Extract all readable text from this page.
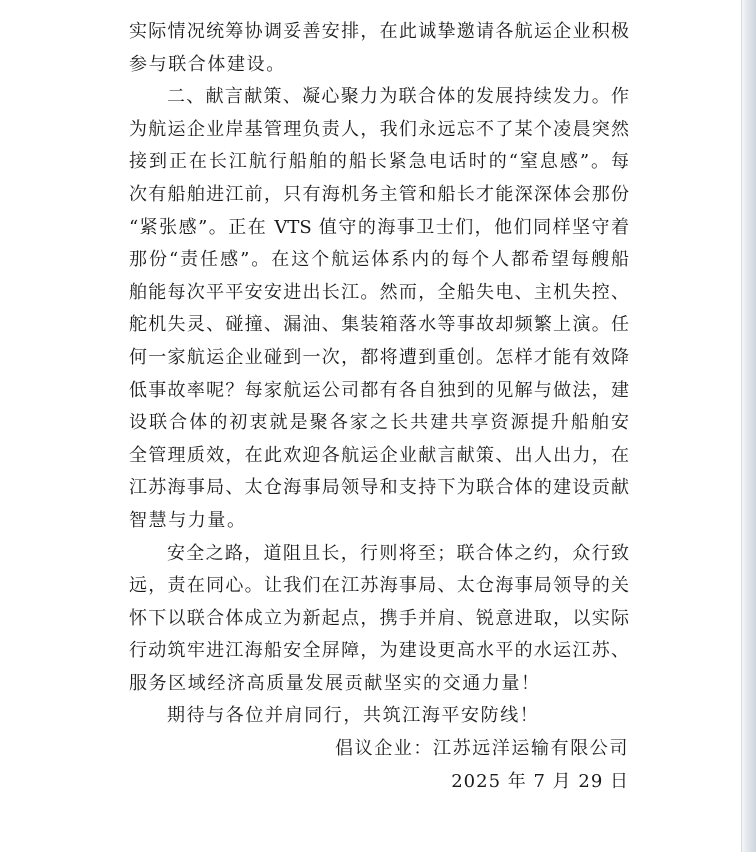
实际情况统筹协调妥善安排，在此诚挚邀请各航运企业积极
参与联合体建设。
二、献言献策、凝心聚力为联合体的发展持续发力。作
为航运企业岸基管理负责人，我们永远忘不了某个凌晨突然
接到正在长江航行船舶的船长紧急电话时的“窒息感”。每
次有船舶进江前，只有海机务主管和船长才能深深体会那份
“紧张感”。正在 VTS 值守的海事卫士们，他们同样坚守着
那份“责任感”。在这个航运体系内的每个人都希望每艘船
舶能每次平平安安进出长江。然而，全船失电、主机失控、
舵机失灵、碰撞、漏油、集装箱落水等事故却频繁上演。任
何一家航运企业碰到一次，都将遭到重创。怎样才能有效降
低事故率呢？每家航运公司都有各自独到的见解与做法，建
设联合体的初衷就是聚各家之长共建共享资源提升船舶安
全管理质效，在此欢迎各航运企业献言献策、出人出力，在
江苏海事局、太仓海事局领导和支持下为联合体的建设贡献
智慧与力量。
安全之路，道阻且长，行则将至；联合体之约，众行致
远，责在同心。让我们在江苏海事局、太仓海事局领导的关
怀下以联合体成立为新起点，携手并肩、锐意进取，以实际
行动筑牢进江海船安全屏障，为建设更高水平的水运江苏、
服务区域经济高质量发展贡献坚实的交通力量！
期待与各位并肩同行，共筑江海平安防线！
倡议企业：江苏远洋运输有限公司
2025 年 7 月 29 日
